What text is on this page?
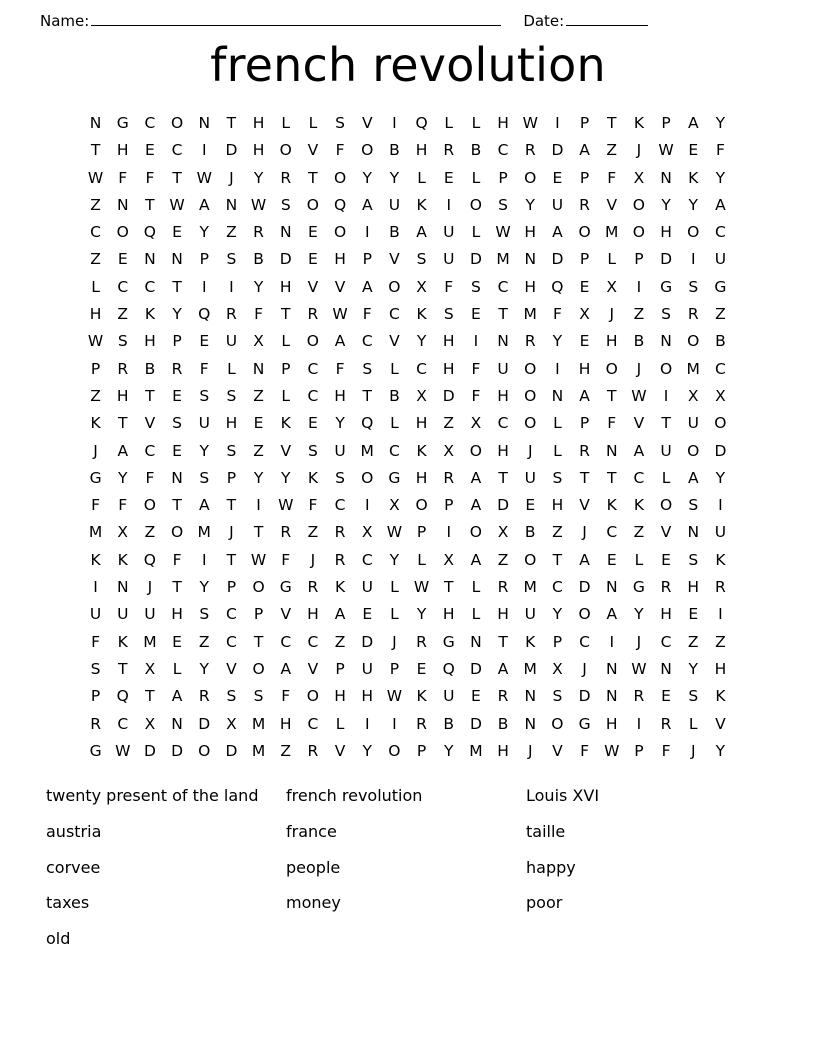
Name:	Date:
french revolution
N G	C	O N	T	H	L	L	S	V	I	Q	L	L	H W	I	P	T	K	P	A	Y
T	H	E	C	I	D H O	V	F	O	B	H	R	B	C	R	D	A	Z	J	W E	F
W F	F	T W	J	Y	R	T	O	Y	Y	L	E	L	P	O	E	P	F	X	N	K	Y
Z	N	T W A	N W S	O Q	A	U	K	I	O	S	Y	U	R	V	O	Y	Y	A
C	O Q	E	Y	Z	R	N	E	O	I	B	A	U	L W H	A	O M O H O	C
Z	E	N	N	P	S	B	D	E	H	P	V	S	U	D M N D	P	L	P	D	I	U
L	C	C	T	I	I	Y	H	V	V	A	O	X	F	S	C	H Q	E	X	I	G	S	G
H	Z	K	Y	Q	R	F	T	R W F	C	K	S	E	T	M	F	X	J	Z	S	R	Z
W S	H	P	E	U	X	L	O	A	C	V	Y	H	I	N	R	Y	E	H	B	N O	B
P	R	B	R	F	L	N	P	C	F	S	L	C	H	F	U O	I	H O	J	O M C
Z	H	T	E	S	S	Z	L	C	H	T	B	X	D	F	H O N	A	T W	I	X	X
K	T	V	S	U	H	E	K	E	Y	Q	L	H	Z	X	C	O	L	P	F	V	T	U O
J	A	C	E	Y	S	Z	V	S	U M C	K	X	O H	J	L	R	N	A	U O D
G	Y	F	N	S	P	Y	Y	K	S	O G H	R	A	T	U	S	T	T	C	L	A	Y
F	F	O	T	A	T	I	W F	C	I	X	O	P	A	D	E	H	V	K	K	O	S	I
M X	Z	O M	J	T	R	Z	R	X W P	I	O	X	B	Z	J	C	Z	V	N	U
K	K	Q	F	I	T W F	J	R	C	Y	L	X	A	Z	O	T	A	E	L	E	S	K
I	N	J	T	Y	P	O G	R	K	U	L W T	L	R M C	D N G	R	H	R
U	U	U	H	S	C	P	V	H	A	E	L	Y	H	L	H	U	Y	O	A	Y	H	E	I
F	K M	E	Z	C	T	C	C	Z	D	J	R	G N	T	K	P	C	I	J	C	Z	Z
S	T	X	L	Y	V	O	A	V	P	U	P	E	Q D	A M X	J	N W N	Y	H
P	Q	T	A	R	S	S	F	O H	H W K	U	E	R	N	S	D N	R	E	S	K
R	C	X	N D	X M H	C	L	I	I	R	B	D	B	N O G H	I	R	L	V
G W D D O D M Z	R	V	Y	O	P	Y	M H	J	V	F W P	F	J	Y
twenty present of the land	french revolution	Louis XVI
austria	france	taille
corvee	people	happy
taxes	money	poor
old
